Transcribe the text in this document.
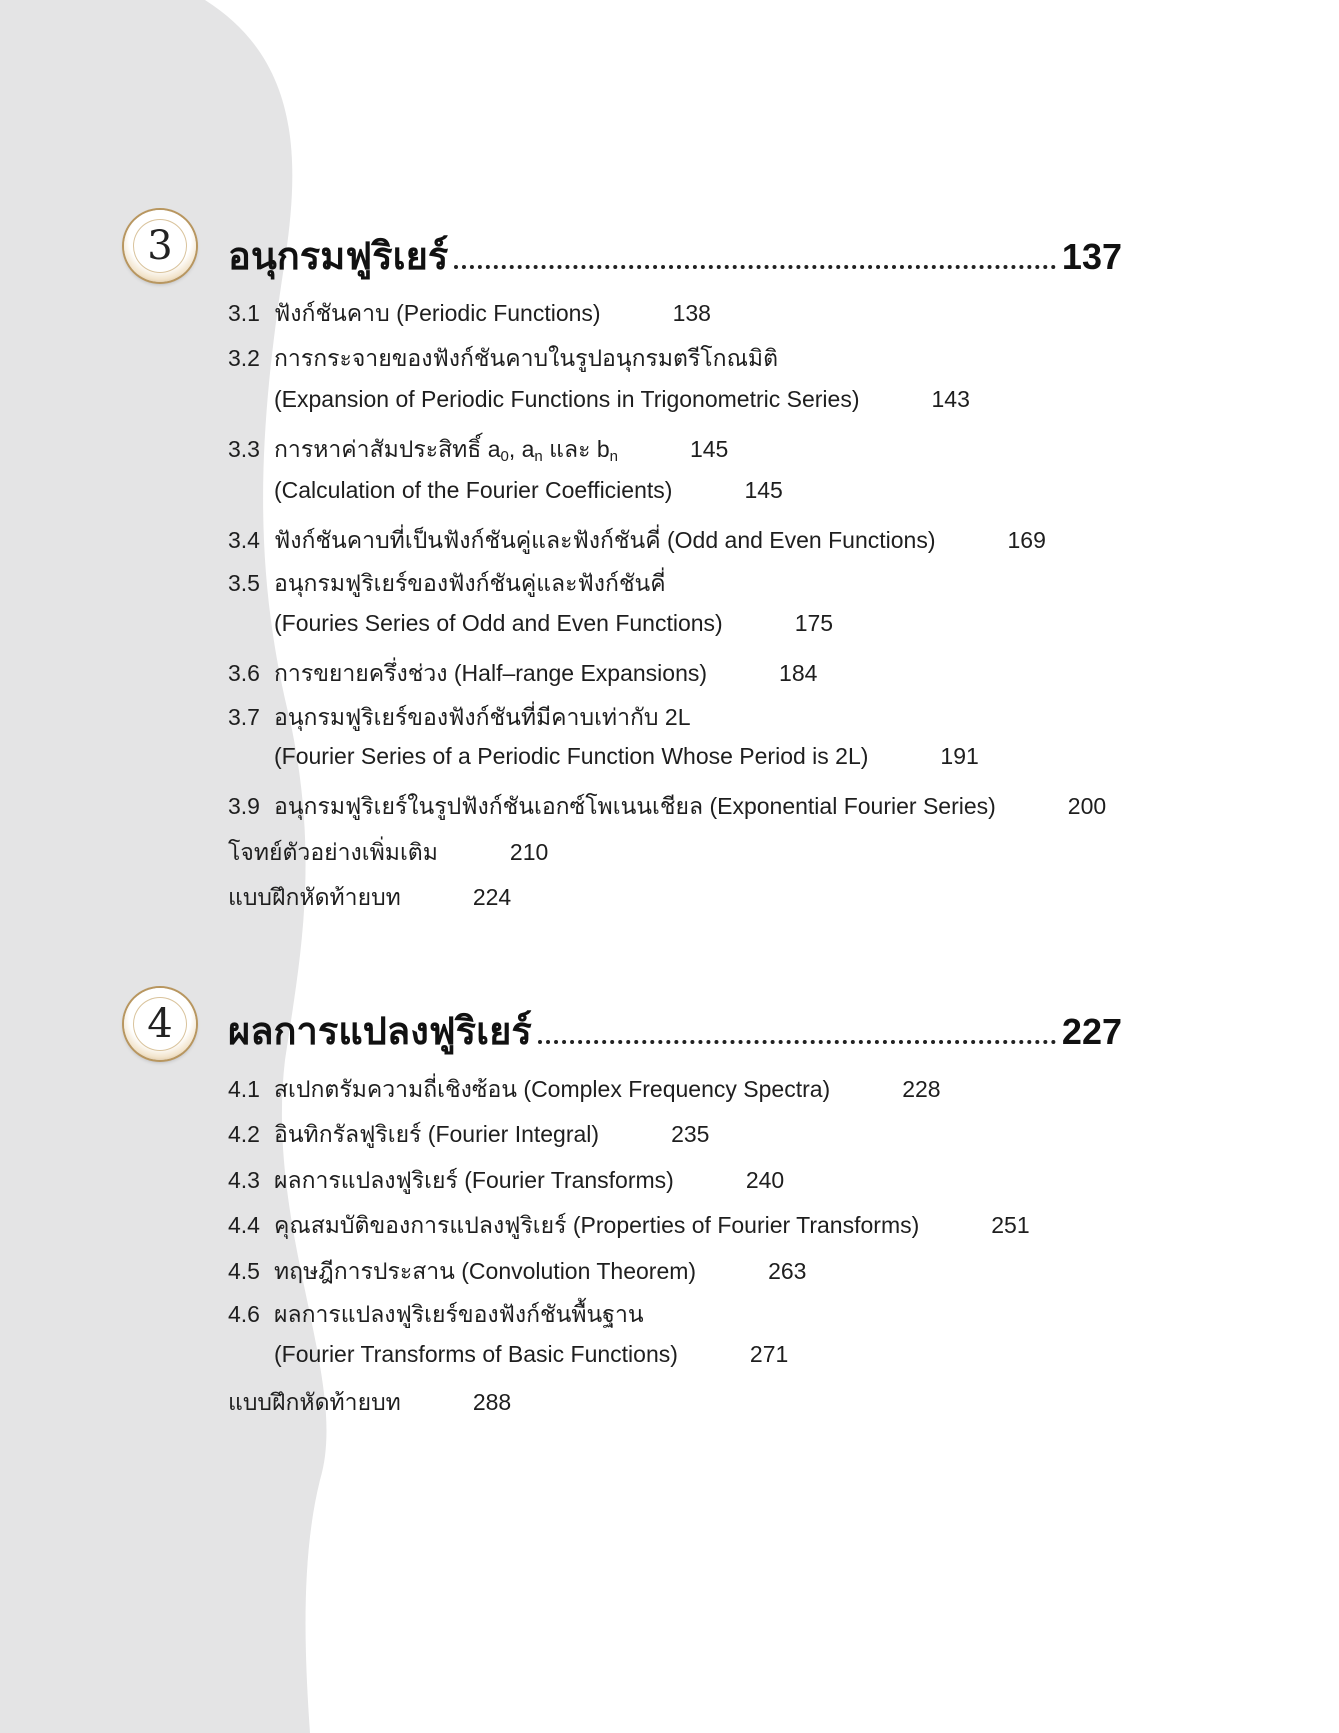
3	อนุกรมฟูริเยร์	137
3.1 ฟังก์ชันคาบ (Periodic Functions)	138
3.2 การกระจายของฟังก์ชันคาบในรูปอนุกรมตรีโกณมิติ
(Expansion of Periodic Functions in Trigonometric Series)	143
3.3 การหาค่าสัมประสิทธิ์ $a_0$, $a_n$ และ $b_n$	145
(Calculation of the Fourier Coefficients)	145
3.4 ฟังก์ชันคาบที่เป็นฟังก์ชันคู่และฟังก์ชันคี่ (Odd and Even Functions)	169
3.5 อนุกรมฟูริเยร์ของฟังก์ชันคู่และฟังก์ชันคี่
(Fouries Series of Odd and Even Functions)	175
3.6 การขยายครึ่งช่วง (Half–range Expansions)	184
3.7 อนุกรมฟูริเยร์ของฟังก์ชันที่มีคาบเท่ากับ 2L
(Fourier Series of a Periodic Function Whose Period is 2L)	191
3.9 อนุกรมฟูริเยร์ในรูปฟังก์ชันเอกซ์โพเนนเชียล (Exponential Fourier Series)	200
โจทย์ตัวอย่างเพิ่มเติม	210
แบบฝึกหัดท้ายบท	224
4	ผลการแปลงฟูริเยร์	227
4.1 สเปกตรัมความถี่เชิงซ้อน (Complex Frequency Spectra)	228
4.2 อินทิกรัลฟูริเยร์ (Fourier Integral)	235
4.3 ผลการแปลงฟูริเยร์ (Fourier Transforms)	240
4.4 คุณสมบัติของการแปลงฟูริเยร์ (Properties of Fourier Transforms)	251
4.5 ทฤษฎีการประสาน (Convolution Theorem)	263
4.6 ผลการแปลงฟูริเยร์ของฟังก์ชันพื้นฐาน
(Fourier Transforms of Basic Functions)	271
แบบฝึกหัดท้ายบท	288
